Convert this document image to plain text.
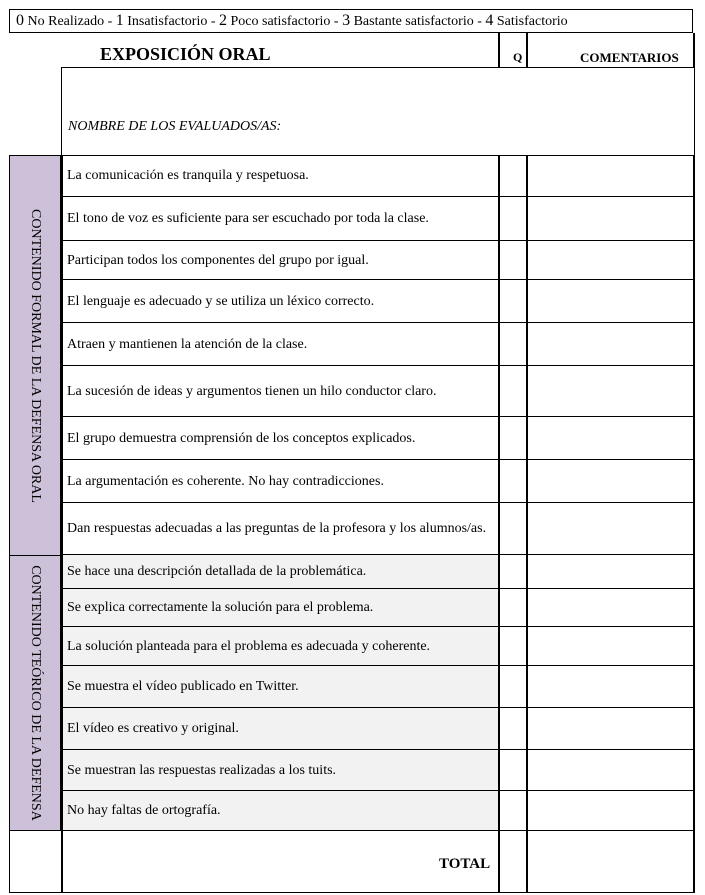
0 No Realizado - 1 Insatisfactorio - 2 Poco satisfactorio - 3 Bastante satisfactorio - 4 Satisfactorio
EXPOSICIÓN ORAL	Q	COMENTARIOS
NOMBRE DE LOS EVALUADOS/AS:
CONTENIDO FORMAL DE LA DEFENSA ORAL
CONTENIDO TEÓRICO DE LA DEFENSA
La comunicación es tranquila y respetuosa.
El tono de voz es suficiente para ser escuchado por toda la clase.
Participan todos los componentes del grupo por igual.
El lenguaje es adecuado y se utiliza un léxico correcto.
Atraen y mantienen la atención de la clase.
La sucesión de ideas y argumentos tienen un hilo conductor claro.
El grupo demuestra comprensión de los conceptos explicados.
La argumentación es coherente. No hay contradicciones.
Dan respuestas adecuadas a las preguntas de la profesora y los alumnos/as.
Se hace una descripción detallada de la problemática.
Se explica correctamente la solución para el problema.
La solución planteada para el problema es adecuada y coherente.
Se muestra el vídeo publicado en Twitter.
El vídeo es creativo y original.
Se muestran las respuestas realizadas a los tuits.
No hay faltas de ortografía.
TOTAL
